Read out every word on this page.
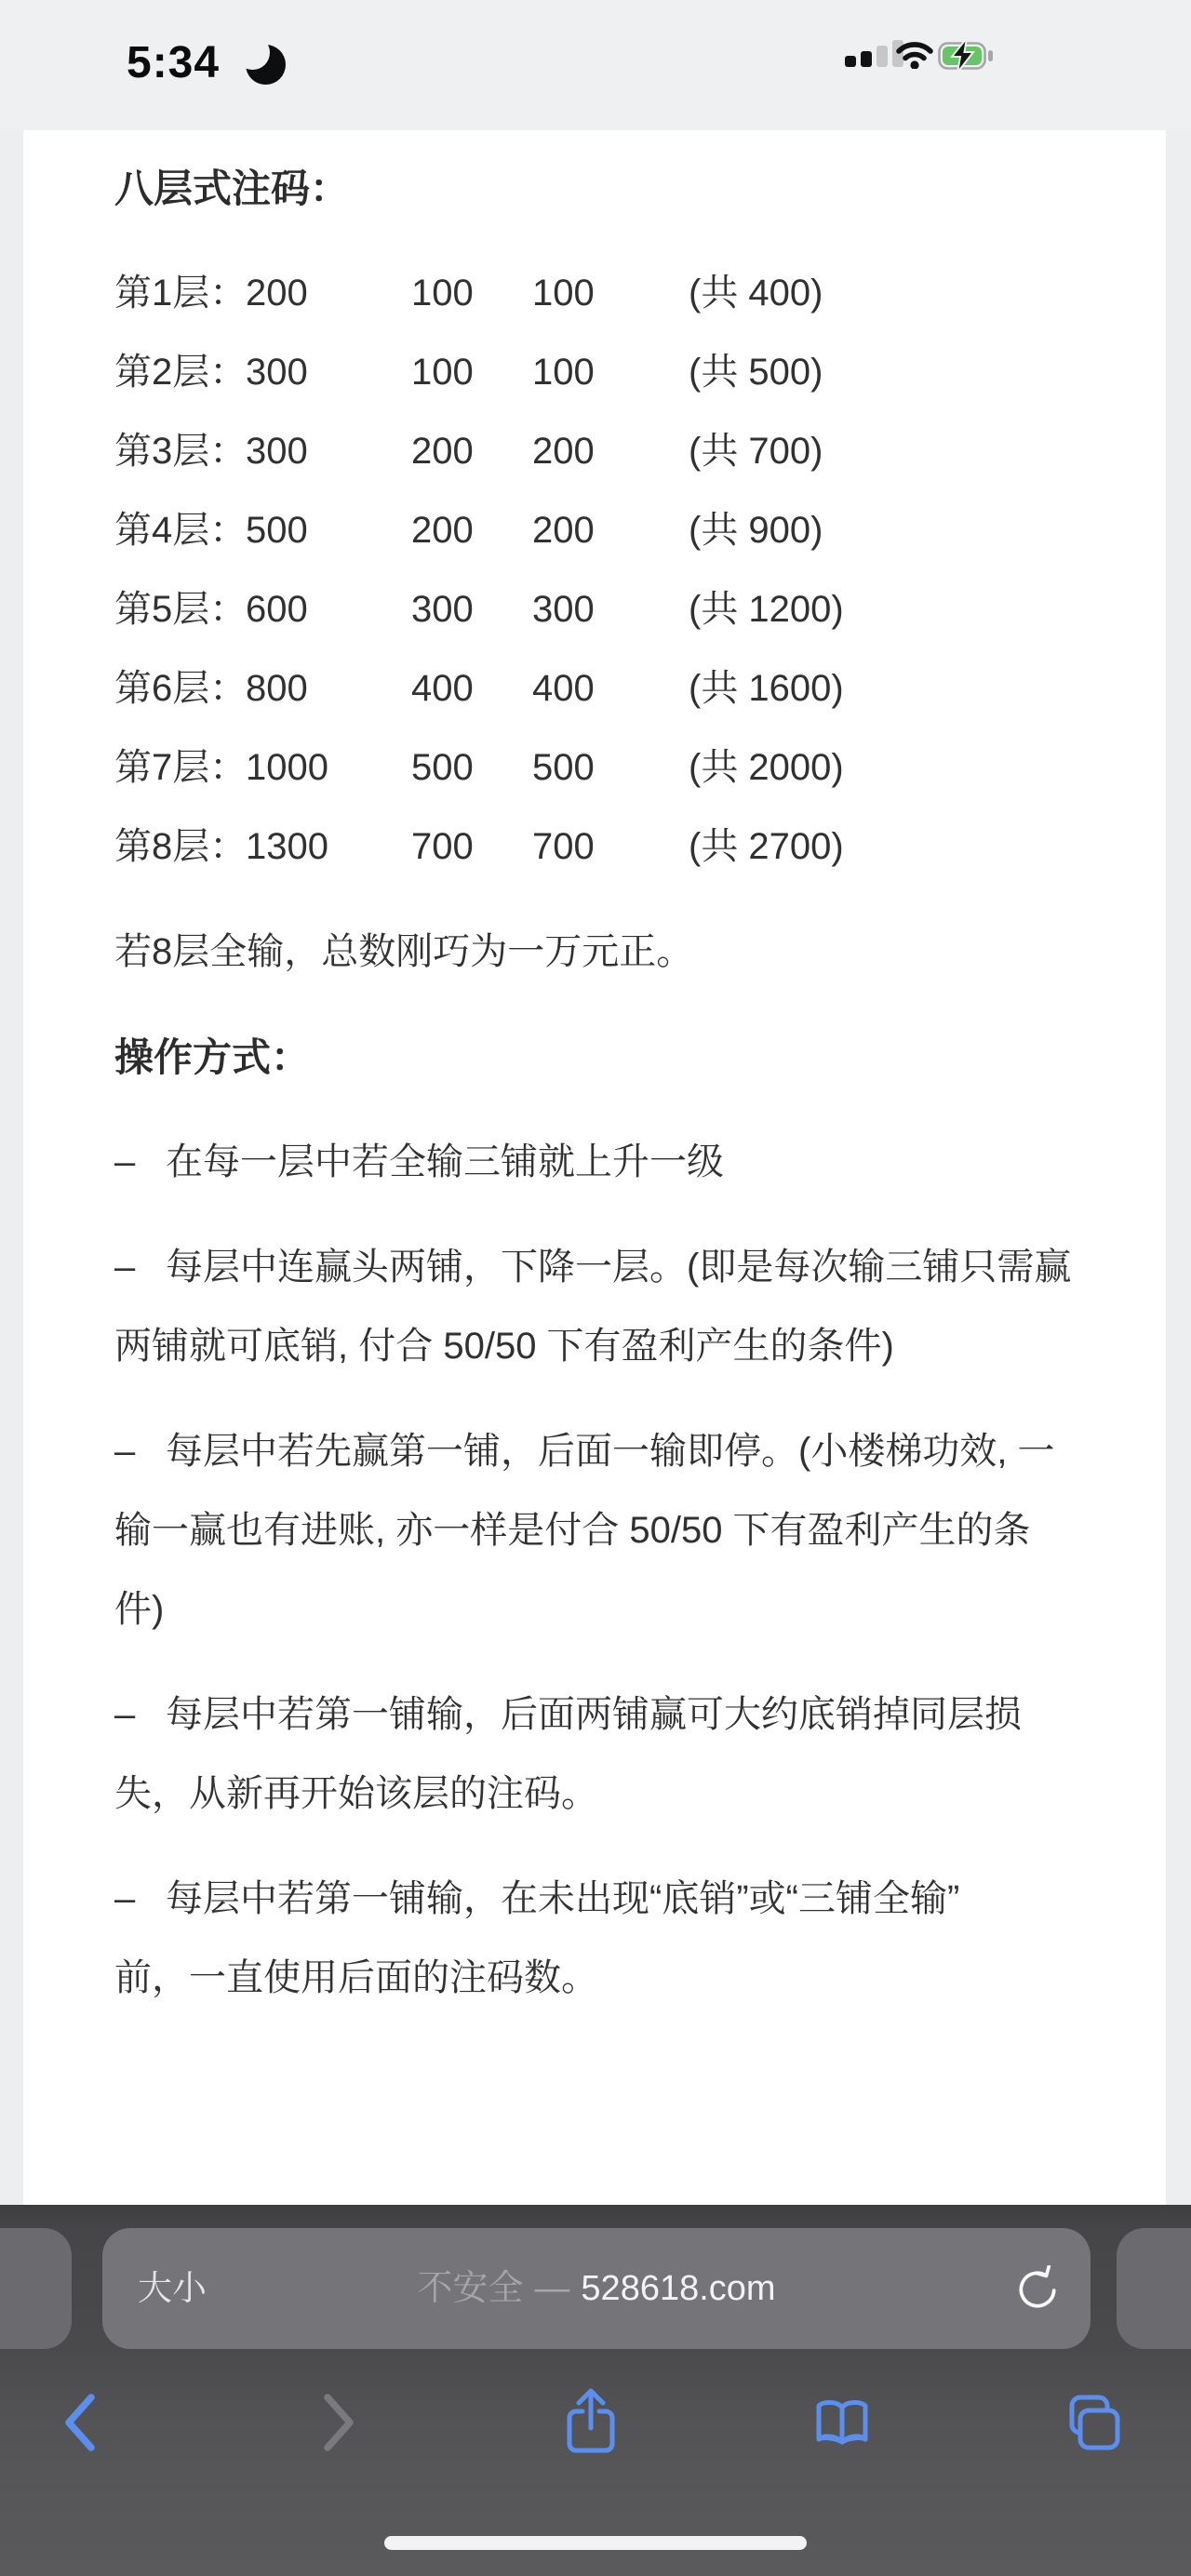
5:34
八层式注码：
第1层：200	100 100	(共 400)
第2层：300	100 100	(共 500)
第3层：300	200 200	(共 700)
第4层：500	200 200	(共 900)
第5层：600	300 300	(共 1200)
第6层：800	400 400	(共 1600)
第7层：1000 500 500	(共 2000)
第8层：1300 700 700	(共 2700)
若8层全输，总数刚巧为一万元正。
操作方式：
– 在每一层中若全输三铺就上升一级
– 每层中连赢头两铺，下降一层。(即是每次输三铺只需赢
两铺就可底销, 付合 50/50 下有盈利产生的条件)
– 每层中若先赢第一铺，后面一输即停。(小楼梯功效, 一
输一赢也有进账, 亦一样是付合 50/50 下有盈利产生的条
件)
– 每层中若第一铺输，后面两铺赢可大约底销掉同层损
失，从新再开始该层的注码。
– 每层中若第一铺输，在未出现“底销”或“三铺全输”
前，一直使用后面的注码数。
大小	不安全 — 528618.com
